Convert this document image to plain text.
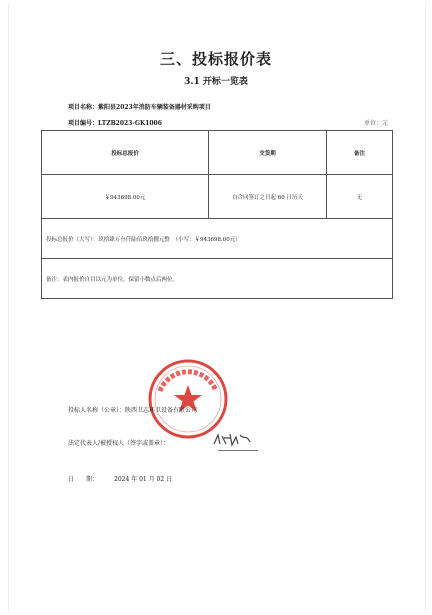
三、投标报价表
3.1 开标一览表
项目名称：紫阳县2023年消防车辆装备器材采购项目
项目编号：LTZB2023-GK1006	单位：元
投标总报价	交货期	备注
￥943698.00元	自合同签订之日起 60 日历天	无
投标总报价（大写）：玖拾肆万叁仟陆佰玖拾捌元整　（小写：￥943698.00元）		
备注：表内报价自目以元为单位，保留小数点后两位。		
投标人名称（公章）：陕西卫志环卫设备有限公司
法定代表人/被授权人（签字或盖章）：
日　　期：	2024 年 01 月 02 日
